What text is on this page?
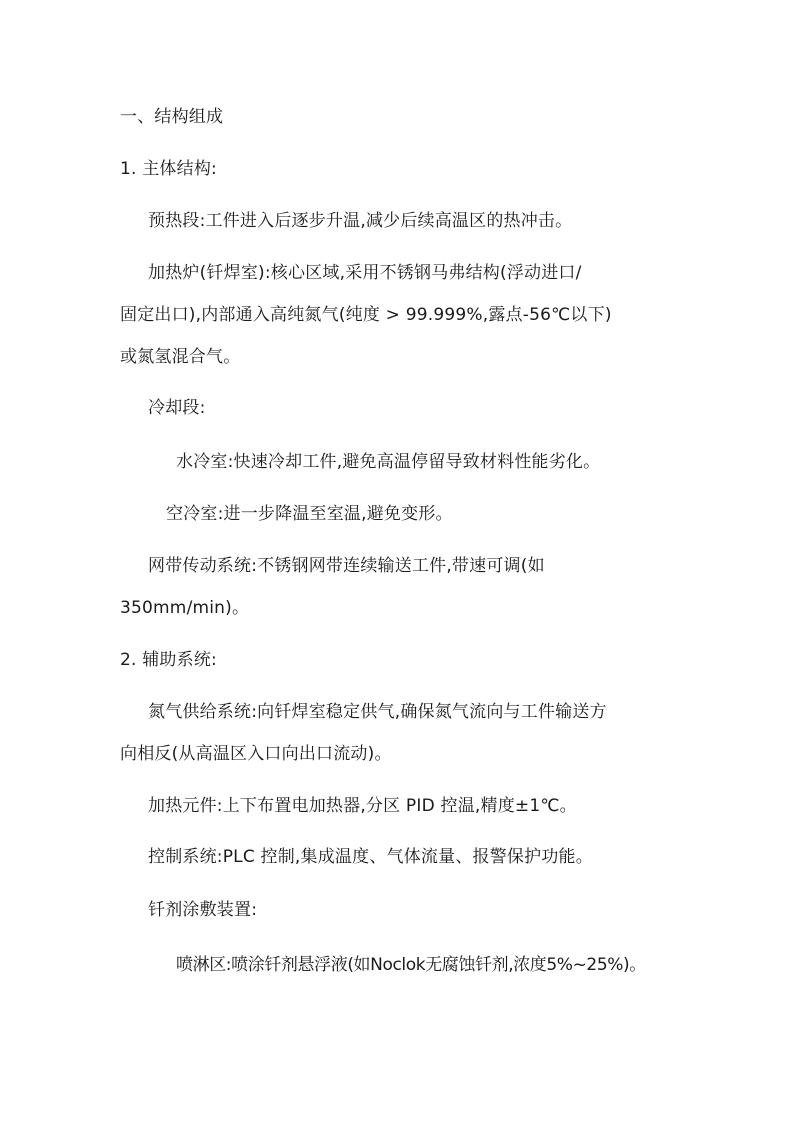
一、结构组成
1. 主体结构:
预热段:工件进入后逐步升温,减少后续高温区的热冲击。
加热炉(钎焊室):核心区域,采用不锈钢马弗结构(浮动进口/
固定出口),内部通入高纯氮气(纯度 > 99.999%,露点-56℃以下)
或氮氢混合气。
冷却段:
水冷室:快速冷却工件,避免高温停留导致材料性能劣化。
空冷室:进一步降温至室温,避免变形。
网带传动系统:不锈钢网带连续输送工件,带速可调(如
350mm/min)。
2. 辅助系统:
氮气供给系统:向钎焊室稳定供气,确保氮气流向与工件输送方
向相反(从高温区入口向出口流动)。
加热元件:上下布置电加热器,分区 PID 控温,精度±1℃。
控制系统:PLC 控制,集成温度、气体流量、报警保护功能。
钎剂涂敷装置:
喷淋区:喷涂钎剂悬浮液(如Noclok无腐蚀钎剂,浓度5%~25%)。
